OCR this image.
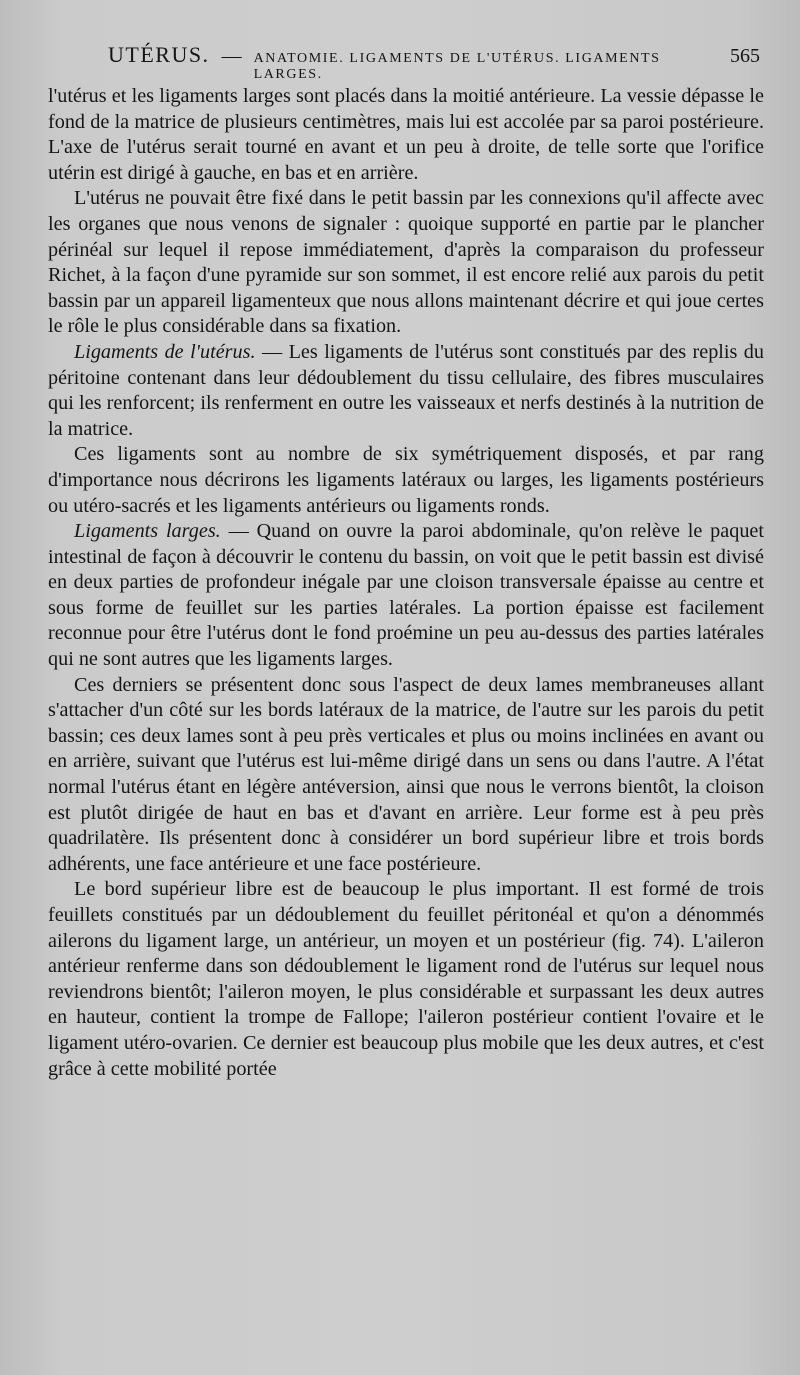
UTÉRUS. — ANATOMIE. LIGAMENTS DE L'UTÉRUS. LIGAMENTS LARGES.
565

l'utérus et les ligaments larges sont placés dans la moitié antérieure. La vessie dépasse le fond de la matrice de plusieurs centimètres, mais lui est accolée par sa paroi postérieure. L'axe de l'utérus serait tourné en avant et un peu à droite, de telle sorte que l'orifice utérin est dirigé à gauche, en bas et en arrière.

L'utérus ne pouvait être fixé dans le petit bassin par les connexions qu'il affecte avec les organes que nous venons de signaler : quoique supporté en partie par le plancher périnéal sur lequel il repose immédiatement, d'après la comparaison du professeur Richet, à la façon d'une pyramide sur son sommet, il est encore relié aux parois du petit bassin par un appareil ligamenteux que nous allons maintenant décrire et qui joue certes le rôle le plus considérable dans sa fixation.

Ligaments de l'utérus. — Les ligaments de l'utérus sont constitués par des replis du péritoine contenant dans leur dédoublement du tissu cellulaire, des fibres musculaires qui les renforcent; ils renferment en outre les vaisseaux et nerfs destinés à la nutrition de la matrice.

Ces ligaments sont au nombre de six symétriquement disposés, et par rang d'importance nous décrirons les ligaments latéraux ou larges, les ligaments postérieurs ou utéro-sacrés et les ligaments antérieurs ou ligaments ronds.

Ligaments larges. — Quand on ouvre la paroi abdominale, qu'on relève le paquet intestinal de façon à découvrir le contenu du bassin, on voit que le petit bassin est divisé en deux parties de profondeur inégale par une cloison transversale épaisse au centre et sous forme de feuillet sur les parties latérales. La portion épaisse est facilement reconnue pour être l'utérus dont le fond proémine un peu au-dessus des parties latérales qui ne sont autres que les ligaments larges.

Ces derniers se présentent donc sous l'aspect de deux lames membraneuses allant s'attacher d'un côté sur les bords latéraux de la matrice, de l'autre sur les parois du petit bassin; ces deux lames sont à peu près verticales et plus ou moins inclinées en avant ou en arrière, suivant que l'utérus est lui-même dirigé dans un sens ou dans l'autre. A l'état normal l'utérus étant en légère antéversion, ainsi que nous le verrons bientôt, la cloison est plutôt dirigée de haut en bas et d'avant en arrière. Leur forme est à peu près quadrilatère. Ils présentent donc à considérer un bord supérieur libre et trois bords adhérents, une face antérieure et une face postérieure.

Le bord supérieur libre est de beaucoup le plus important. Il est formé de trois feuillets constitués par un dédoublement du feuillet péritonéal et qu'on a dénommés ailerons du ligament large, un antérieur, un moyen et un postérieur (fig. 74). L'aileron antérieur renferme dans son dédoublement le ligament rond de l'utérus sur lequel nous reviendrons bientôt; l'aileron moyen, le plus considérable et surpassant les deux autres en hauteur, contient la trompe de Fallope; l'aileron postérieur contient l'ovaire et le ligament utéro-ovarien. Ce dernier est beaucoup plus mobile que les deux autres, et c'est grâce à cette mobilité portée
